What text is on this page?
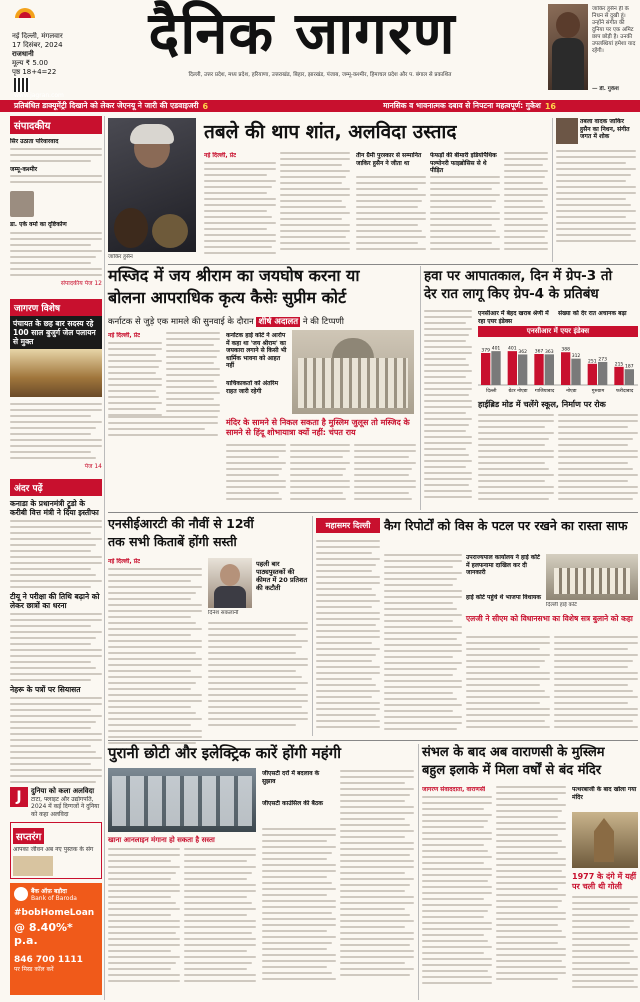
नई दिल्ली, मंगलवार
17 दिसंबर, 2024
राजधानी
मूल्य ₹ 5.00
पृष्ठ 18+4=22
दैनिक जागरण
दिल्ली, उत्तर प्रदेश, मध्य प्रदेश, हरियाणा, उत्तराखंड, बिहार, झारखंड, पंजाब, जम्मू-कश्मीर, हिमाचल प्रदेश और प. बंगाल से प्रकाशित
www.jagran.com
जाकिर हुसैन ही के निधन से दुखी हूं। उन्होंने संगीत की दुनिया पर एक अमिट छाप छोड़ी है। उनकी उपलब्धियां हमेशा याद रहेंगी।
— डी. गुकेश
प्रतिबंधित डाक्यूमेंट्री दिखाने को लेकर जेएनयू ने जारी की एडवाइजरी 6	मानसिक व भावनात्मक दबाव से निपटना महत्वपूर्ण: गुकेश 16
संपादकीय
सिर उठाता परिवारवाद
जम्मू-कश्मीर
डा. एके वर्मा का दृष्टिकोण
संपादकीय पेज 12
जागरण विशेष
पंचायत के छह बार सदस्य रहे 100 साल बुजुर्ग जेल पलायन से मुक्त
पेज 14
अंदर पढ़ें
कनाडा के प्रधानमंत्री ट्रूडो के करीबी वित्त मंत्री ने दिया इस्तीफा
टीयू ने परीक्षा की तिथि बढ़ाने को लेकर छात्रों का धरना
नेहरू के पत्रों पर सियासत
J	दुनिया को कला अलविदा
टाटा, फ्लाइट और उद्योगपति, 2024 में कई दिग्गजों ने दुनिया को कहा अलविदा
सप्तरंग
आपका जीवन अब नए पुस्तक के संग
बैंक ऑफ़ बड़ौदा
Bank of Baroda
#bobHomeLoan
@ 8.40%* p.a.
846 700 1111
पर मिस्ड कॉल करें
जाकिर हुसैन
तबले की थाप शांत, अलविदा उस्ताद
नई दिल्ली, प्रेट	तीन ग्रैमी पुरस्कार से सम्मानित जाकिर हुसैन ने जीता था
फेफड़ों की बीमारी इडियोपैथिक पल्मोनरी फाइब्रोसिस से थे पीड़ित
तबला वादक जाकिर हुसैन का निधन, संगीत जगत में शोक
मस्जिद में जय श्रीराम का जयघोष करना या
बोलना आपराधिक कृत्य कैसेः सुप्रीम कोर्ट
कर्नाटक से जुड़े एक मामले की सुनवाई के दौरान शीर्ष अदालत ने की टिप्पणी
नई दिल्ली, प्रेट	कर्नाटक हाई कोर्ट ने आरोप में कहा था 'जय श्रीराम' का जयकारा लगाने से किसी भी धार्मिक भावना को आहत नहीं
याचिकाकर्ता को अंतरिम राहत जारी रहेगी
मंदिर के सामने से निकल सकता है मुस्लिम जुलूस तो मस्जिद के सामने से हिंदू शोभायात्रा क्यों नहीं: चंपत राय
हवा पर आपातकाल, दिन में ग्रेप-3 तो
देर रात लागू किए ग्रेप-4 के प्रतिबंध
एनसीआर में बेहद खराब श्रेणी में रहा एयर इंडेक्स
संख्या को देर रात अचानक बढ़ा
एनसीआर में एयर इंडेक्स
379 401
दिल्ली
401
362
ग्रेटर नोएडा
367 363
गाजियाबाद
388
312
नोएडा
251 273
गुरुग्राम
215 187
फरीदाबाद
हाईब्रिड मोड में चलेंगे स्कूल, निर्माण पर रोक
एनसीईआरटी की नौवीं से 12वीं
तक सभी किताबें होंगी सस्ती
नई दिल्ली, प्रेट
दिनेश सकलानी
पहली बार पाठ्यपुस्तकों की कीमत में 20 प्रतिशत की कटौती
महासमर दिल्ली	कैग रिपोर्टों को विस के पटल पर रखने का रास्ता साफ
उपराज्यपाल कार्यालय ने हाई कोर्ट में हलफनामा दाखिल कर दी जानकारी
दिल्ली हाई कोर्ट
हाई कोर्ट पहुंचे थे भाजपा विधायक
एलजी ने सीएम को विधानसभा का विशेष सत्र बुलाने को कहा
पुरानी छोटी और इलेक्ट्रिक कारें होंगी महंगी
जीएसटी दरों में बदलाव के सुझाव
जीएसटी काउंसिल की बैठक
खाना आनलाइन मंगाना हो सकता है सस्ता
संभल के बाद अब वाराणसी के मुस्लिम
बहुल इलाके में मिला वर्षों से बंद मंदिर
जागरण संवाददाता, वाराणसी	पत्थरबाजी के बाद खोला गया मंदिर
1977 के दंगे में यहीं पर चली थी गोली
